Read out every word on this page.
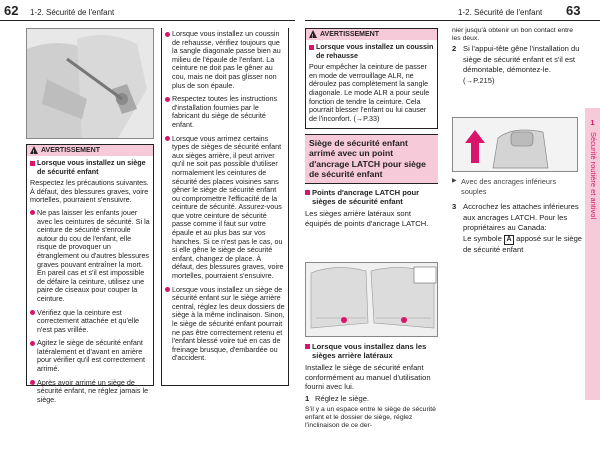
62 1-2. Sécurité de l'enfant	1-2. Sécurité de l'enfant 63
!
AVERTISSEMENT
Lorsque vous installez un siège de sécurité enfant
Respectez les précautions suivantes. À défaut, des blessures graves, voire mortelles, pourraient s'ensuivre.
Ne pas laisser les enfants jouer avec les ceintures de sécurité. Si la ceinture de sécurité s'enroule autour du cou de l'enfant, elle risque de provoquer un étranglement ou d'autres blessures graves pouvant entraîner la mort. En pareil cas et s'il est impossible de défaire la ceinture, utilisez une paire de ciseaux pour couper la ceinture.
Vérifiez que la ceinture est correctement attachée et qu'elle n'est pas vrillée.
Agitez le siège de sécurité enfant latéralement et d'avant en arrière pour vérifier qu'il est correctement arrimé.
Après avoir arrimé un siège de sécurité enfant, ne réglez jamais le siège.
Lorsque vous installez un coussin de rehausse, vérifiez toujours que la sangle diagonale passe bien au milieu de l'épaule de l'enfant. La ceinture ne doit pas le gêner au cou, mais ne doit pas glisser non plus de son épaule.
Respectez toutes les instructions d'installation fournies par le fabricant du siège de sécurité enfant.
Lorsque vous arrimez certains types de sièges de sécurité enfant aux sièges arrière, il peut arriver qu'il ne soit pas possible d'utiliser normalement les ceintures de sécurité des places voisines sans gêner le siège de sécurité enfant ou compromettre l'efficacité de la ceinture de sécurité. Assurez-vous que votre ceinture de sécurité passe comme il faut sur votre épaule et au plus bas sur vos hanches. Si ce n'est pas le cas, ou si elle gêne le siège de sécurité enfant, changez de place. À défaut, des blessures graves, voire mortelles, pourraient s'ensuivre.
Lorsque vous installez un siège de sécurité enfant sur le siège arrière central, réglez les deux dossiers de siège à la même inclinaison. Sinon, le siège de sécurité enfant pourrait ne pas être correctement retenu et l'enfant blessé voire tué en cas de freinage brusque, d'embardée ou d'accident.
!
AVERTISSEMENT
Lorsque vous installez un coussin de rehausse
Pour empêcher la ceinture de passer en mode de verrouillage ALR, ne déroulez pas complètement la sangle diagonale. Le mode ALR a pour seule fonction de tendre la ceinture. Cela pourrait blesser l'enfant ou lui causer de l'inconfort. (→P.33)
Siège de sécurité enfant arrimé avec un point d'ancrage LATCH pour siège de sécurité enfant
Points d'ancrage LATCH pour sièges de sécurité enfant
Les sièges arrière latéraux sont équipés de points d'ancrage LATCH.
Lorsque vous installez dans les sièges arrière latéraux
Installez le siège de sécurité enfant conformément au manuel d'utilisation fourni avec lui.
1 Réglez le siège.
S'il y a un espace entre le siège de sécurité enfant et le dossier de siège, réglez l'inclinaison de ce der-
nier jusqu'à obtenir un bon contact entre les deux.
2 Si l'appui-tête gêne l'installation du siège de sécurité enfant et s'il est démontable, démontez-le. (→P.215)
▶ Avec des ancrages inférieurs souples
3 Accrochez les attaches inférieures aux ancrages LATCH. Pour les propriétaires au Canada:
Le symbole A apposé sur le siège de sécurité enfant
1
Sécurité routière et antivol
